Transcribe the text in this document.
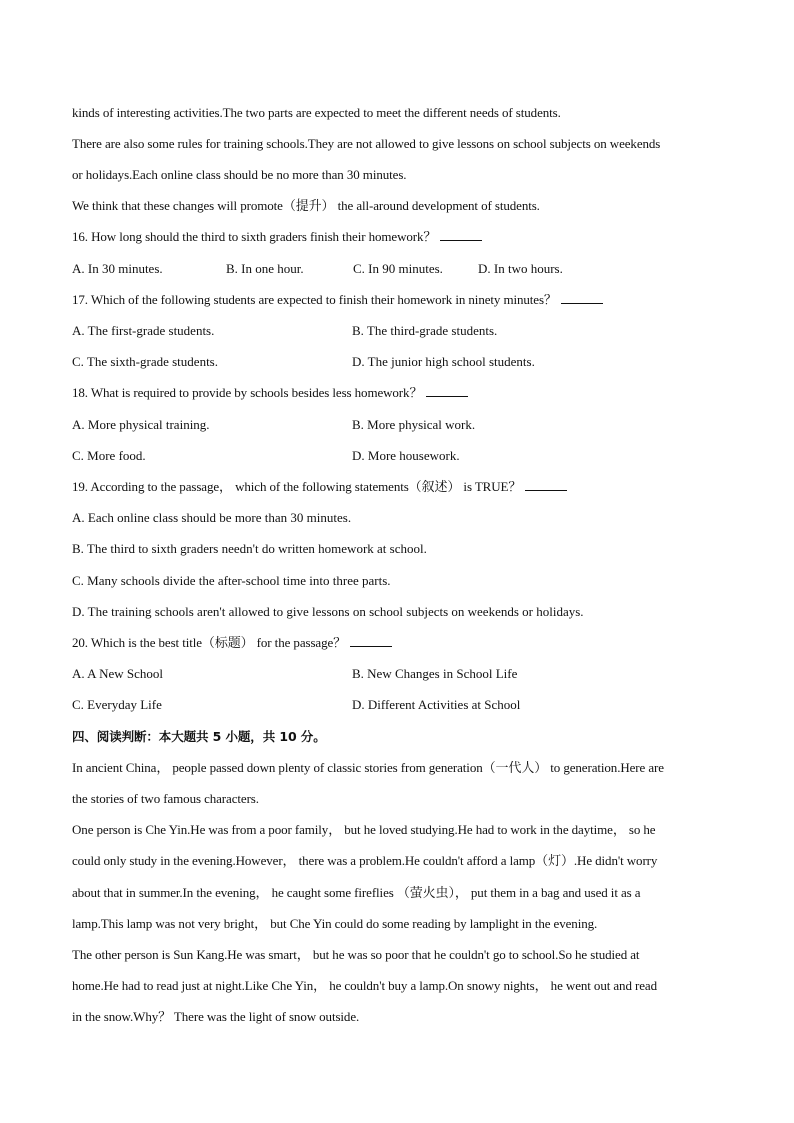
kinds of interesting activities.The two parts are expected to meet the different needs of students.
There are also some rules for training schools.They are not allowed to give lessons on school subjects on weekends
or holidays.Each online class should be no more than 30 minutes.
We think that these changes will promote（提升） the all-around development of students.
16. How long should the third to sixth graders finish their homework？
A. In 30 minutes.	B. In one hour.	C. In 90 minutes.	D. In two hours.
17. Which of the following students are expected to finish their homework in ninety minutes？
A. The first-grade students.	B. The third-grade students.
C. The sixth-grade students.	D. The junior high school students.
18. What is required to provide by schools besides less homework？
A. More physical training.	B. More physical work.
C. More food.	D. More housework.
19. According to the passage， which of the following statements（叙述） is TRUE？
A. Each online class should be more than 30 minutes.
B. The third to sixth graders needn't do written homework at school.
C. Many schools divide the after-school time into three parts.
D. The training schools aren't allowed to give lessons on school subjects on weekends or holidays.
20. Which is the best title（标题） for the passage？
A. A New School	B. New Changes in School Life
C. Everyday Life	D. Different Activities at School
四、阅读判断：本大题共 5 小题，共 10 分。
In ancient China， people passed down plenty of classic stories from generation（一代人） to generation.Here are
the stories of two famous characters.
One person is Che Yin.He was from a poor family， but he loved studying.He had to work in the daytime， so he
could only study in the evening.However， there was a problem.He couldn't afford a lamp（灯）.He didn't worry
about that in summer.In the evening， he caught some fireflies （萤火虫）， put them in a bag and used it as a
lamp.This lamp was not very bright， but Che Yin could do some reading by lamplight in the evening.
The other person is Sun Kang.He was smart， but he was so poor that he couldn't go to school.So he studied at
home.He had to read just at night.Like Che Yin， he couldn't buy a lamp.On snowy nights， he went out and read
in the snow.Why？ There was the light of snow outside.
